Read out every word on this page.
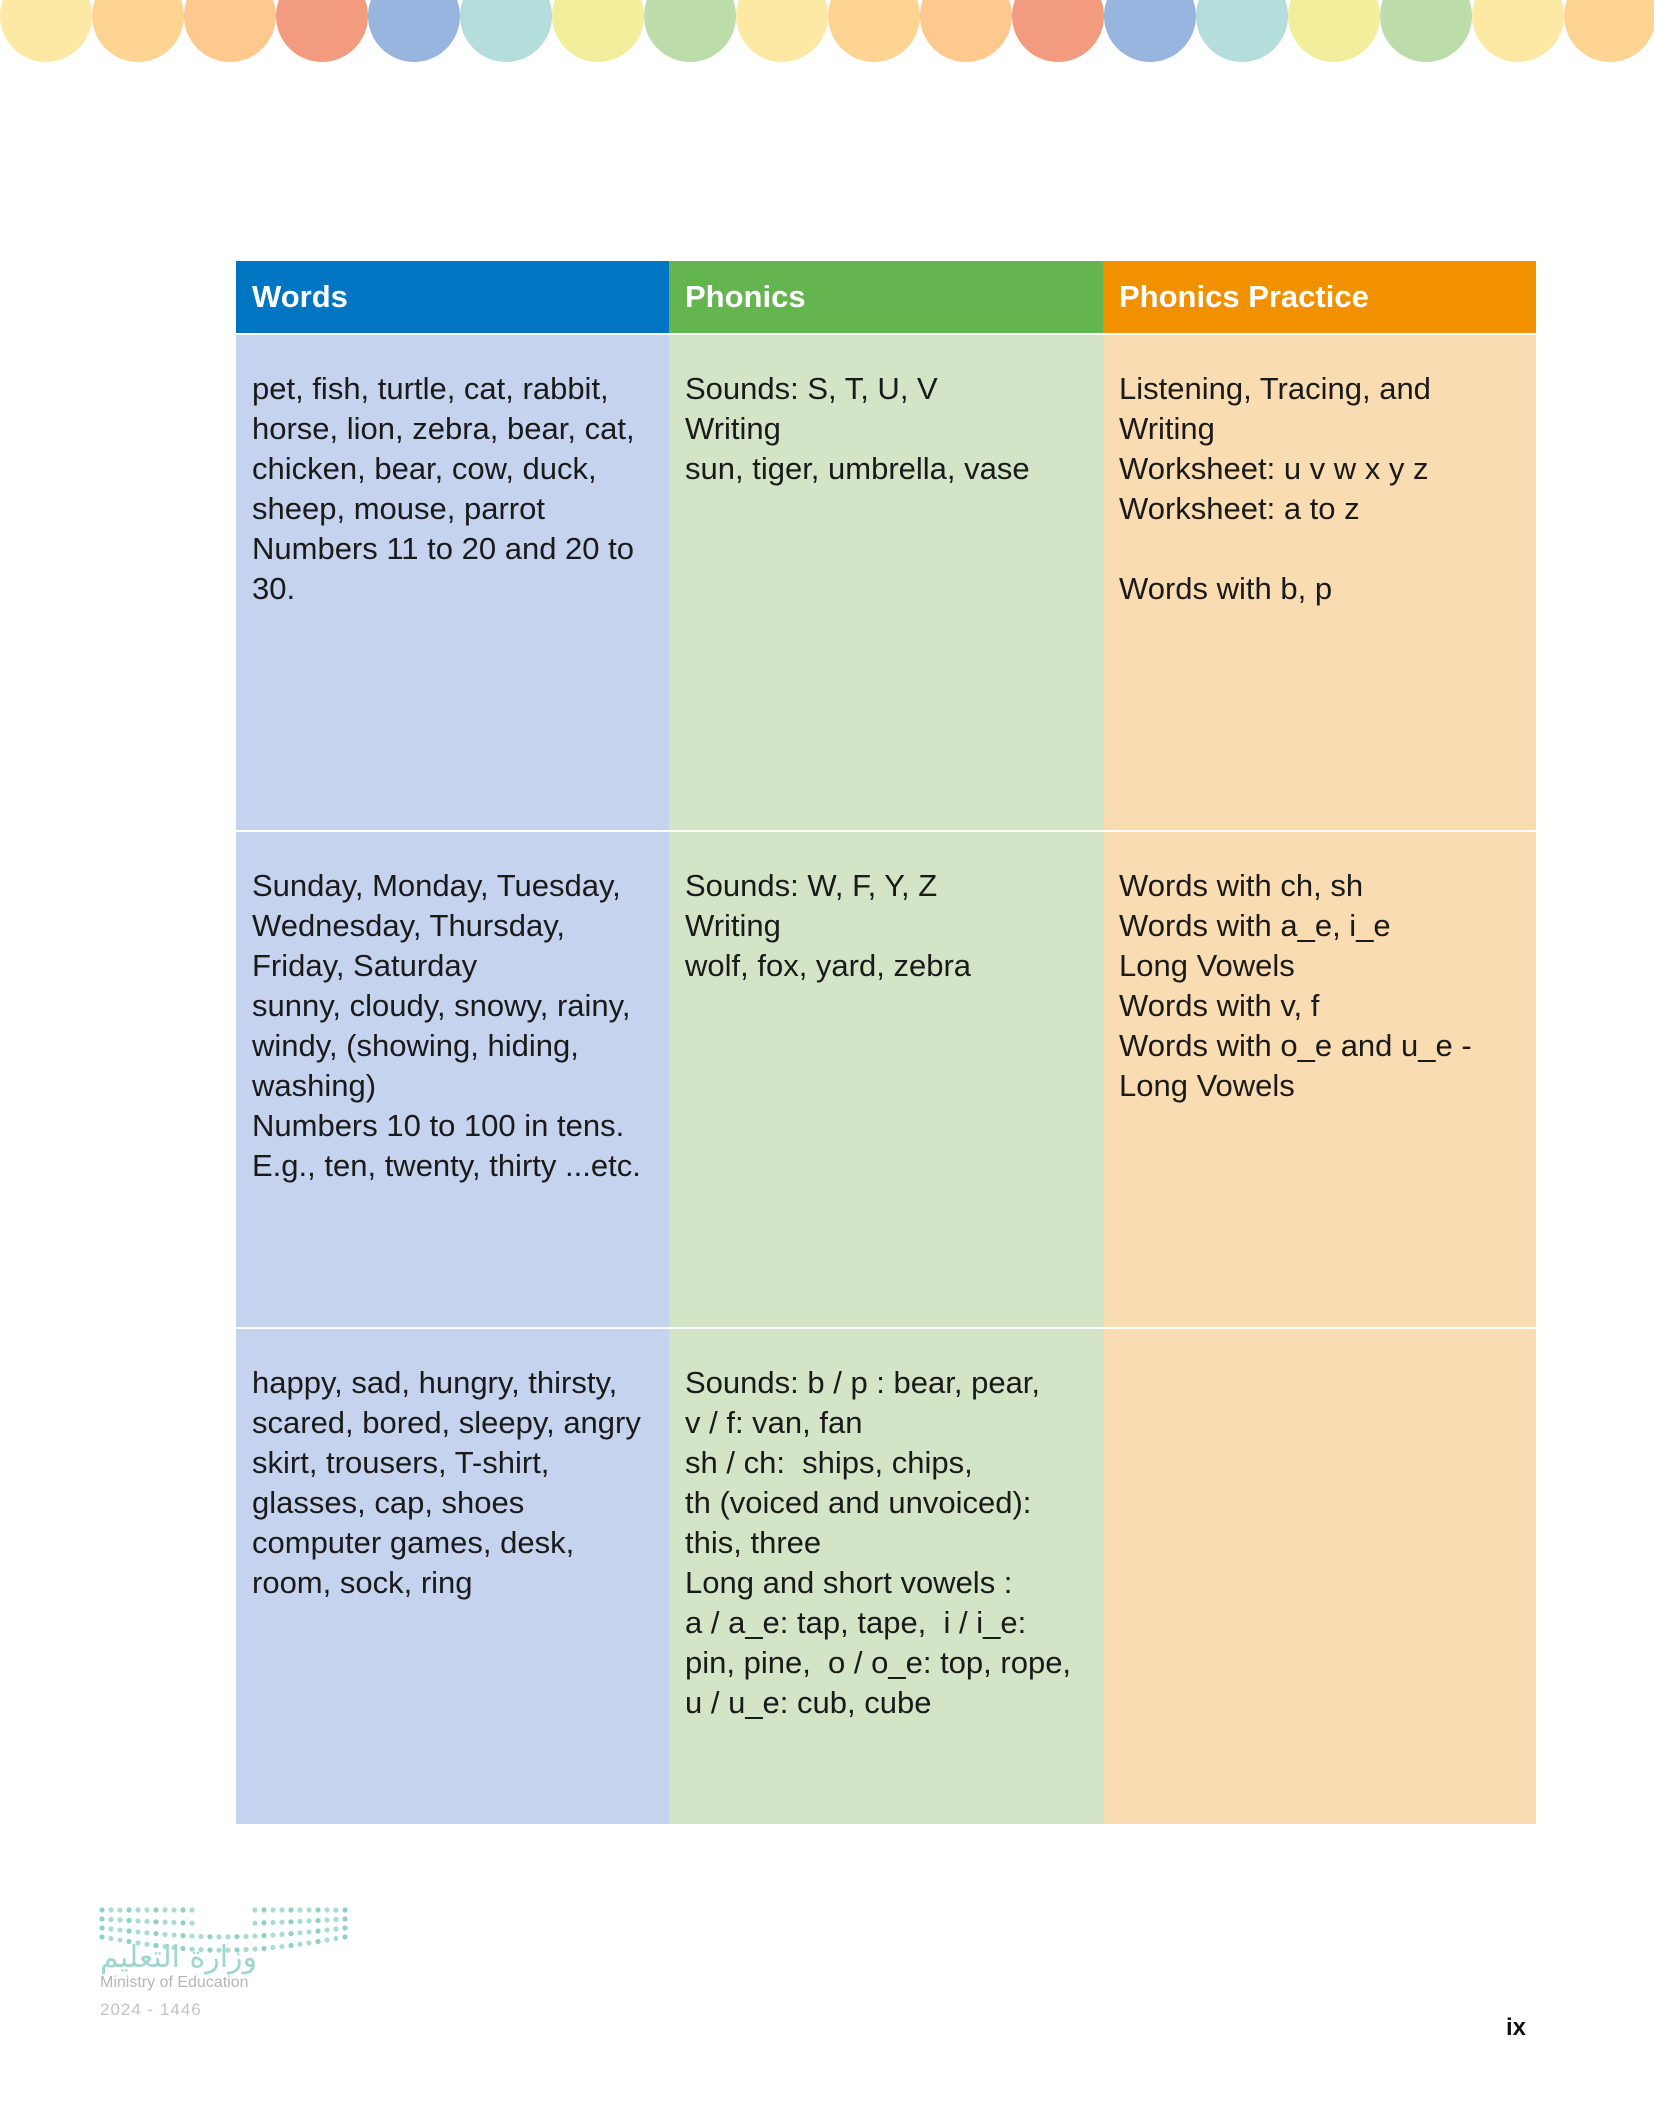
Words	Phonics	Phonics Practice
pet, fish, turtle, cat, rabbit,
horse, lion, zebra, bear, cat,
chicken, bear, cow, duck,
sheep, mouse, parrot
Numbers 11 to 20 and 20 to
30.
Sounds: S, T, U, V
Writing
sun, tiger, umbrella, vase
Listening, Tracing, and
Writing
Worksheet: u v w x y z
Worksheet: a to z
Words with b, p
Sunday, Monday, Tuesday,
Wednesday, Thursday,
Friday, Saturday
sunny, cloudy, snowy, rainy,
windy, (showing, hiding,
washing)
Numbers 10 to 100 in tens.
E.g., ten, twenty, thirty ...etc.
Sounds: W, F, Y, Z
Writing
wolf, fox, yard, zebra
Words with ch, sh
Words with a_e, i_e
Long Vowels
Words with v, f
Words with o_e and u_e -
Long Vowels
happy, sad, hungry, thirsty,
scared, bored, sleepy, angry
skirt, trousers, T-shirt,
glasses, cap, shoes
computer games, desk,
room, sock, ring
Sounds: b / p : bear, pear,
v / f: van, fan
sh / ch:  ships, chips,
th (voiced and unvoiced):
this, three
Long and short vowels :
a / a_e: tap, tape,  i / i_e:
pin, pine,  o / o_e: top, rope,
u / u_e: cub, cube
وزارة التعليم
Ministry of Education
2024 - 1446
ix
